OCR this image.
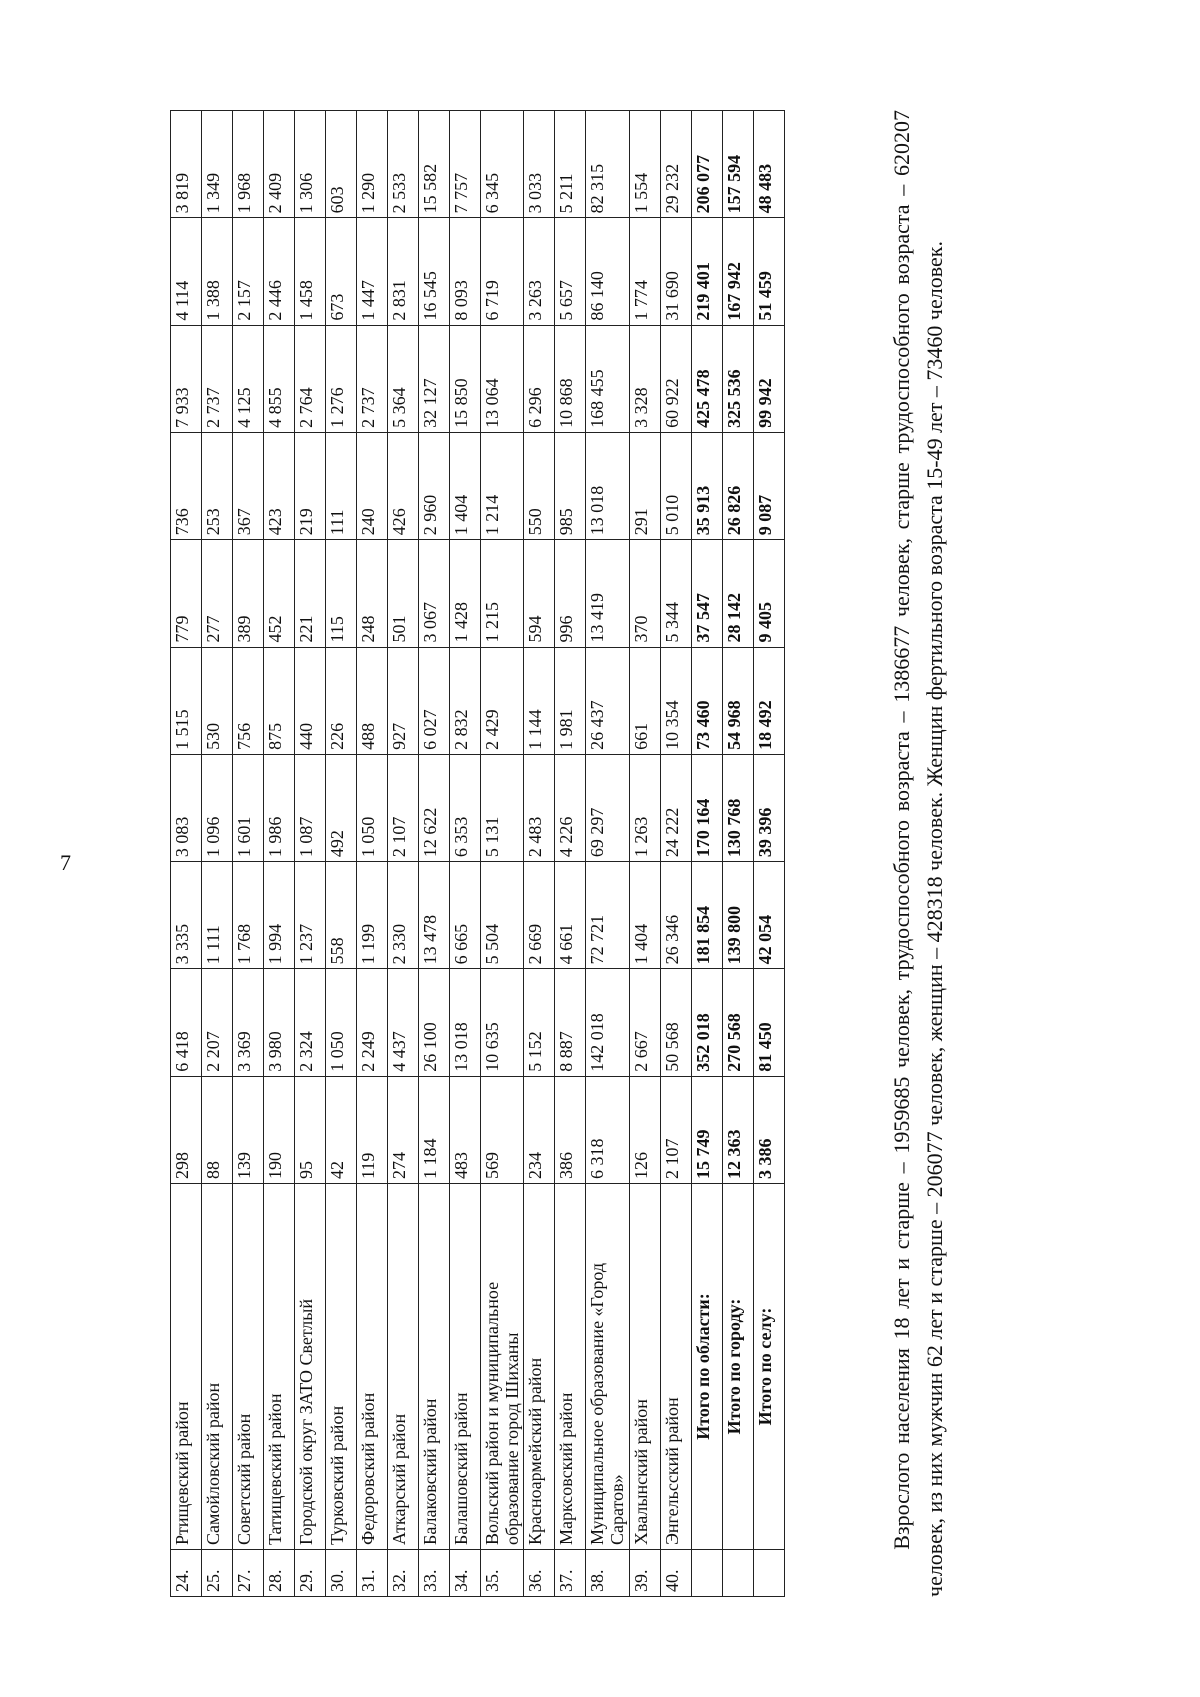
7
24.	Ртищевский район	298	6 418	3 335	3 083	1 515	779	736	7 933	4 114	3 819
25.	Самойловский район	88	2 207	1 111	1 096	530	277	253	2 737	1 388	1 349
27.	Советский район	139	3 369	1 768	1 601	756	389	367	4 125	2 157	1 968
28.	Татищевский район	190	3 980	1 994	1 986	875	452	423	4 855	2 446	2 409
29.	Городской округ ЗАТО Светлый	95	2 324	1 237	1 087	440	221	219	2 764	1 458	1 306
30.	Турковский район	42	1 050	558	492	226	115	111	1 276	673	603
31.	Федоровский район	119	2 249	1 199	1 050	488	248	240	2 737	1 447	1 290
32.	Аткарский район	274	4 437	2 330	2 107	927	501	426	5 364	2 831	2 533
33.	Балаковский район	1 184	26 100	13 478	12 622	6 027	3 067	2 960	32 127	16 545	15 582
34.	Балашовский район	483	13 018	6 665	6 353	2 832	1 428	1 404	15 850	8 093	7 757
35.	Вольский район и муниципальное образование город Шиханы	569	10 635	5 504	5 131	2 429	1 215	1 214	13 064	6 719	6 345
36.	Красноармейский район	234	5 152	2 669	2 483	1 144	594	550	6 296	3 263	3 033
37.	Марксовский район	386	8 887	4 661	4 226	1 981	996	985	10 868	5 657	5 211
38.	Муниципальное образование «Город Саратов»	6 318	142 018	72 721	69 297	26 437	13 419	13 018	168 455	86 140	82 315
39.	Хвалынский район	126	2 667	1 404	1 263	661	370	291	3 328	1 774	1 554
40.	Энгельсский район	2 107	50 568	26 346	24 222	10 354	5 344	5 010	60 922	31 690	29 232
	Итого по области:	15 749	352 018	181 854	170 164	73 460	37 547	35 913	425 478	219 401	206 077
	Итого по городу:	12 363	270 568	139 800	130 768	54 968	28 142	26 826	325 536	167 942	157 594
	Итого по селу:	3 386	81 450	42 054	39 396	18 492	9 405	9 087	99 942	51 459	48 483	Взрослого населения 18 лет и старше – 1959685 человек, трудоспособного возраста – 1386677 человек, старше трудоспособного возраста – 620207 человек, из них мужчин 62 лет и старше – 206077 человек, женщин – 428318 человек. Женщин фертильного возраста 15-49 лет – 73460 человек.
